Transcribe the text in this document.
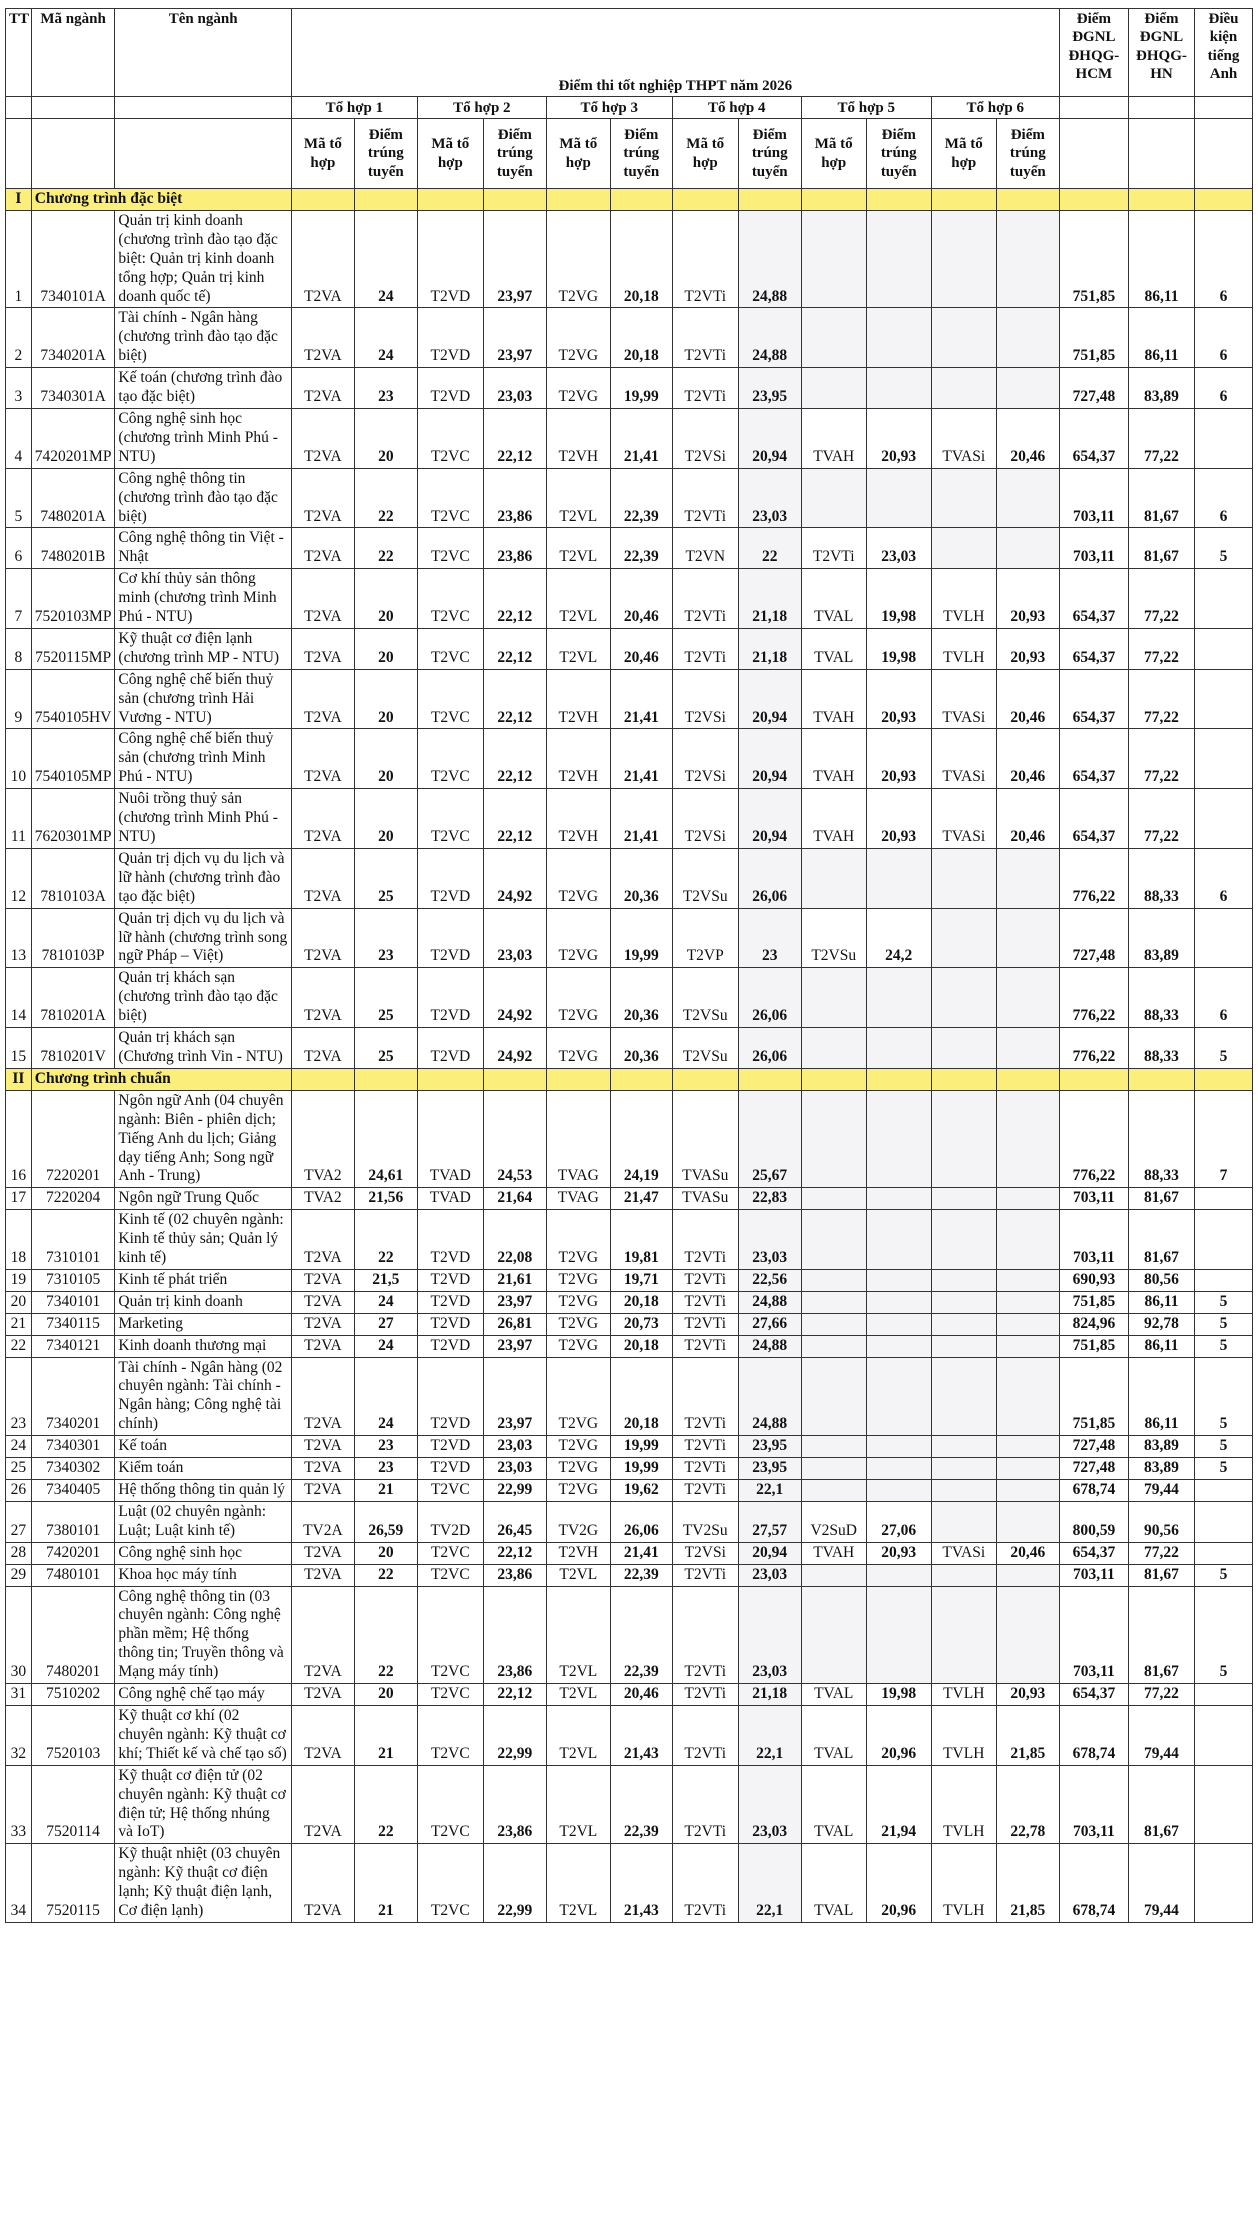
TT	Mã ngành	Tên ngành	Điểm thi tốt nghiệp THPT năm 2026												Điểm ĐGNL ĐHQG-HCM	Điểm ĐGNL ĐHQG-HN	Điều kiện tiếng Anh
			Tổ hợp 1		Tổ hợp 2		Tổ hợp 3		Tổ hợp 4		Tổ hợp 5		Tổ hợp 6				
			Mã tổ hợp	Điểm trúng tuyển	Mã tổ hợp	Điểm trúng tuyển	Mã tổ hợp	Điểm trúng tuyển	Mã tổ hợp	Điểm trúng tuyển	Mã tổ hợp	Điểm trúng tuyển	Mã tổ hợp	Điểm trúng tuyển			
I	Chương trình đặc biệt																
1	7340101A	Quản trị kinh doanh (chương trình đào tạo đặc biệt: Quản trị kinh doanh tổng hợp; Quản trị kinh doanh quốc tế)	T2VA	24	T2VD	23,97	T2VG	20,18	T2VTi	24,88					751,85	86,11	6
2	7340201A	Tài chính - Ngân hàng (chương trình đào tạo đặc biệt)	T2VA	24	T2VD	23,97	T2VG	20,18	T2VTi	24,88					751,85	86,11	6
3	7340301A	Kế toán (chương trình đào tạo đặc biệt)	T2VA	23	T2VD	23,03	T2VG	19,99	T2VTi	23,95					727,48	83,89	6
4	7420201MP	Công nghệ sinh học (chương trình Minh Phú - NTU)	T2VA	20	T2VC	22,12	T2VH	21,41	T2VSi	20,94	TVAH	20,93	TVASi	20,46	654,37	77,22	
5	7480201A	Công nghệ thông tin (chương trình đào tạo đặc biệt)	T2VA	22	T2VC	23,86	T2VL	22,39	T2VTi	23,03					703,11	81,67	6
6	7480201B	Công nghệ thông tin Việt - Nhật	T2VA	22	T2VC	23,86	T2VL	22,39	T2VN	22	T2VTi	23,03			703,11	81,67	5
7	7520103MP	Cơ khí thủy sản thông minh (chương trình Minh Phú - NTU)	T2VA	20	T2VC	22,12	T2VL	20,46	T2VTi	21,18	TVAL	19,98	TVLH	20,93	654,37	77,22	
8	7520115MP	Kỹ thuật cơ điện lạnh (chương trình MP - NTU)	T2VA	20	T2VC	22,12	T2VL	20,46	T2VTi	21,18	TVAL	19,98	TVLH	20,93	654,37	77,22	
9	7540105HV	Công nghệ chế biến thuỷ sản (chương trình Hải Vương - NTU)	T2VA	20	T2VC	22,12	T2VH	21,41	T2VSi	20,94	TVAH	20,93	TVASi	20,46	654,37	77,22	
10	7540105MP	Công nghệ chế biến thuỷ sản (chương trình Minh Phú - NTU)	T2VA	20	T2VC	22,12	T2VH	21,41	T2VSi	20,94	TVAH	20,93	TVASi	20,46	654,37	77,22	
11	7620301MP	Nuôi trồng thuỷ sản (chương trình Minh Phú - NTU)	T2VA	20	T2VC	22,12	T2VH	21,41	T2VSi	20,94	TVAH	20,93	TVASi	20,46	654,37	77,22	
12	7810103A	Quản trị dịch vụ du lịch và lữ hành (chương trình đào tạo đặc biệt)	T2VA	25	T2VD	24,92	T2VG	20,36	T2VSu	26,06					776,22	88,33	6
13	7810103P	Quản trị dịch vụ du lịch và lữ hành (chương trình song ngữ Pháp – Việt)	T2VA	23	T2VD	23,03	T2VG	19,99	T2VP	23	T2VSu	24,2			727,48	83,89	
14	7810201A	Quản trị khách sạn (chương trình đào tạo đặc biệt)	T2VA	25	T2VD	24,92	T2VG	20,36	T2VSu	26,06					776,22	88,33	6
15	7810201V	Quản trị khách sạn (Chương trình Vin - NTU)	T2VA	25	T2VD	24,92	T2VG	20,36	T2VSu	26,06					776,22	88,33	5
II	Chương trình chuẩn																
16	7220201	Ngôn ngữ Anh (04 chuyên ngành: Biên - phiên dịch; Tiếng Anh du lịch; Giảng dạy tiếng Anh; Song ngữ Anh - Trung)	TVA2	24,61	TVAD	24,53	TVAG	24,19	TVASu	25,67					776,22	88,33	7
17	7220204	Ngôn ngữ Trung Quốc	TVA2	21,56	TVAD	21,64	TVAG	21,47	TVASu	22,83					703,11	81,67	
18	7310101	Kinh tế (02 chuyên ngành: Kinh tế thủy sản; Quản lý kinh tế)	T2VA	22	T2VD	22,08	T2VG	19,81	T2VTi	23,03					703,11	81,67	
19	7310105	Kinh tế phát triển	T2VA	21,5	T2VD	21,61	T2VG	19,71	T2VTi	22,56					690,93	80,56	
20	7340101	Quản trị kinh doanh	T2VA	24	T2VD	23,97	T2VG	20,18	T2VTi	24,88					751,85	86,11	5
21	7340115	Marketing	T2VA	27	T2VD	26,81	T2VG	20,73	T2VTi	27,66					824,96	92,78	5
22	7340121	Kinh doanh thương mại	T2VA	24	T2VD	23,97	T2VG	20,18	T2VTi	24,88					751,85	86,11	5
23	7340201	Tài chính - Ngân hàng (02 chuyên ngành: Tài chính - Ngân hàng; Công nghệ tài chính)	T2VA	24	T2VD	23,97	T2VG	20,18	T2VTi	24,88					751,85	86,11	5
24	7340301	Kế toán	T2VA	23	T2VD	23,03	T2VG	19,99	T2VTi	23,95					727,48	83,89	5
25	7340302	Kiểm toán	T2VA	23	T2VD	23,03	T2VG	19,99	T2VTi	23,95					727,48	83,89	5
26	7340405	Hệ thống thông tin quản lý	T2VA	21	T2VC	22,99	T2VG	19,62	T2VTi	22,1					678,74	79,44	
27	7380101	Luật (02 chuyên ngành: Luật; Luật kinh tế)	TV2A	26,59	TV2D	26,45	TV2G	26,06	TV2Su	27,57	V2SuD	27,06			800,59	90,56	
28	7420201	Công nghệ sinh học	T2VA	20	T2VC	22,12	T2VH	21,41	T2VSi	20,94	TVAH	20,93	TVASi	20,46	654,37	77,22	
29	7480101	Khoa học máy tính	T2VA	22	T2VC	23,86	T2VL	22,39	T2VTi	23,03					703,11	81,67	5
30	7480201	Công nghệ thông tin (03 chuyên ngành: Công nghệ phần mềm; Hệ thống thông tin; Truyền thông và Mạng máy tính)	T2VA	22	T2VC	23,86	T2VL	22,39	T2VTi	23,03					703,11	81,67	5
31	7510202	Công nghệ chế tạo máy	T2VA	20	T2VC	22,12	T2VL	20,46	T2VTi	21,18	TVAL	19,98	TVLH	20,93	654,37	77,22	
32	7520103	Kỹ thuật cơ khí (02 chuyên ngành: Kỹ thuật cơ khí; Thiết kế và chế tạo số)	T2VA	21	T2VC	22,99	T2VL	21,43	T2VTi	22,1	TVAL	20,96	TVLH	21,85	678,74	79,44	
33	7520114	Kỹ thuật cơ điện tử (02 chuyên ngành: Kỹ thuật cơ điện tử; Hệ thống nhúng và IoT)	T2VA	22	T2VC	23,86	T2VL	22,39	T2VTi	23,03	TVAL	21,94	TVLH	22,78	703,11	81,67	
34	7520115	Kỹ thuật nhiệt (03 chuyên ngành: Kỹ thuật cơ điện lạnh; Kỹ thuật điện lạnh, Cơ điện lạnh)	T2VA	21	T2VC	22,99	T2VL	21,43	T2VTi	22,1	TVAL	20,96	TVLH	21,85	678,74	79,44	
